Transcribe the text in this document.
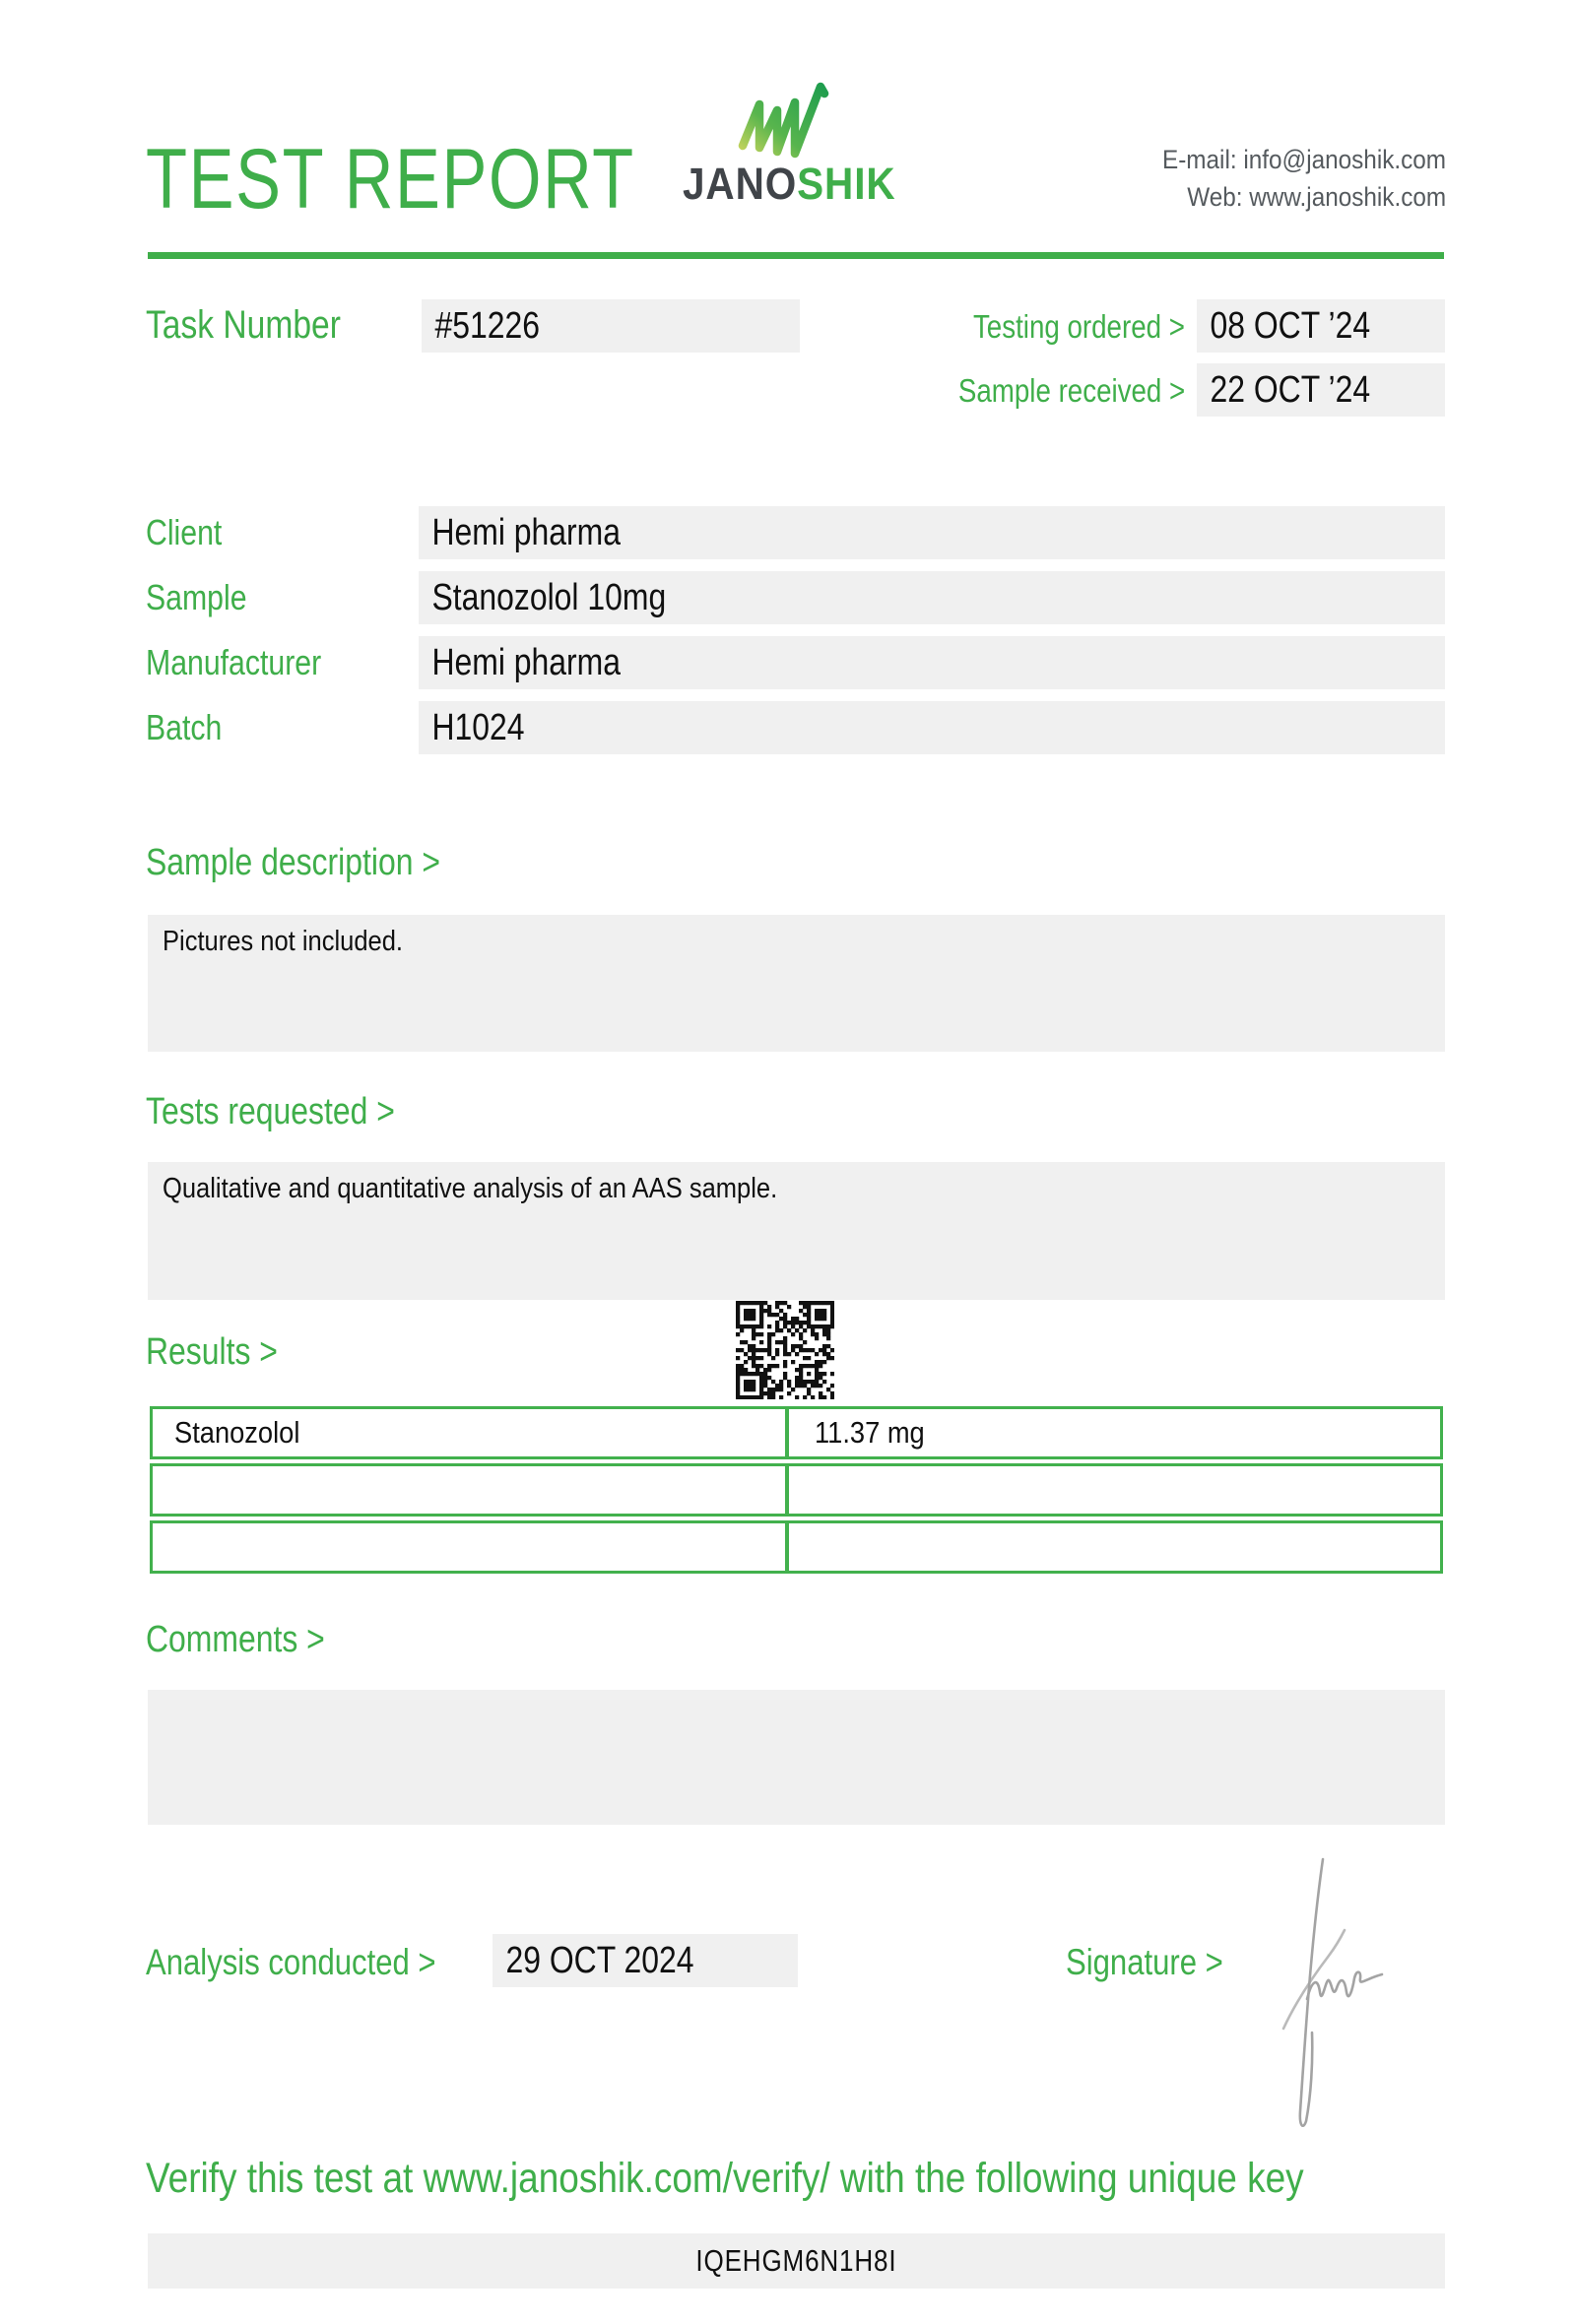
TEST REPORT	JANOSHIK	E-mail: info@janoshik.com
Web: www.janoshik.com
Task Number	#51226	Testing ordered > 08 OCT ’24
Sample received > 22 OCT ’24
Client	Hemi pharma
Sample	Stanozolol 10mg
Manufacturer	Hemi pharma
Batch	H1024
Sample description >
Pictures not included.
Tests requested >
Qualitative and quantitative analysis of an AAS sample.
Results >
Stanozolol	11.37 mg
Comments >
Analysis conducted >	29 OCT 2024	Signature >
Verify this test at www.janoshik.com/verify/ with the following unique key
IQEHGM6N1H8I
